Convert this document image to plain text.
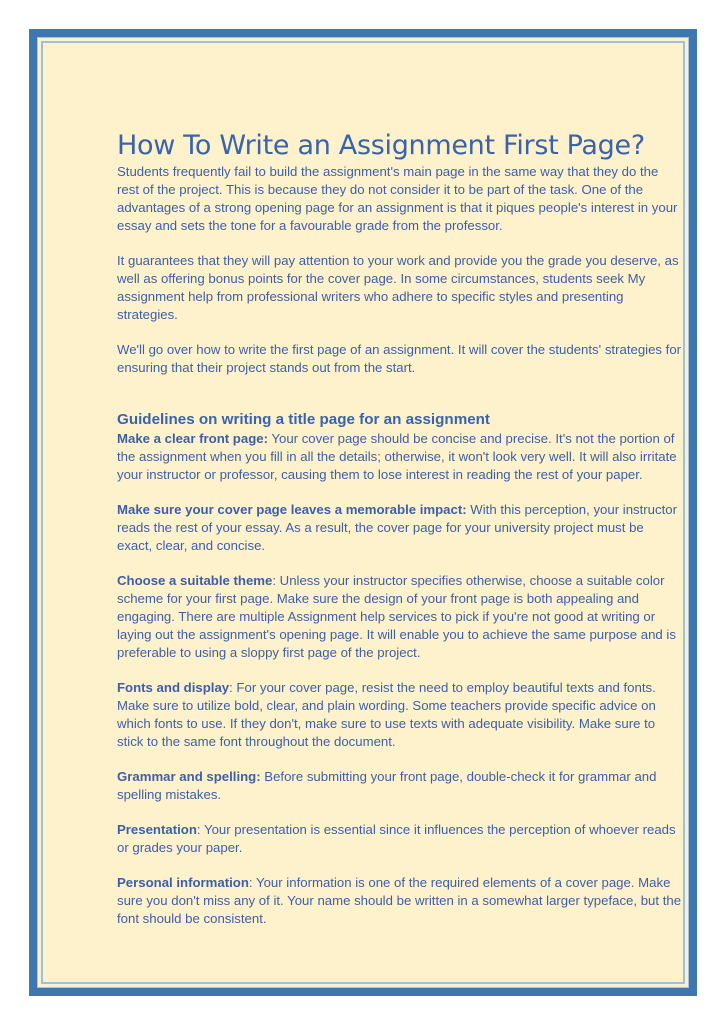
How To Write an Assignment First Page?

Students frequently fail to build the assignment's main page in the same way that they do the rest of the project. This is because they do not consider it to be part of the task. One of the advantages of a strong opening page for an assignment is that it piques people's interest in your essay and sets the tone for a favourable grade from the professor.

It guarantees that they will pay attention to your work and provide you the grade you deserve, as well as offering bonus points for the cover page. In some circumstances, students seek My assignment help from professional writers who adhere to specific styles and presenting strategies.

We'll go over how to write the first page of an assignment. It will cover the students' strategies for ensuring that their project stands out from the start.

Guidelines on writing a title page for an assignment

Make a clear front page: Your cover page should be concise and precise. It's not the portion of the assignment when you fill in all the details; otherwise, it won't look very well. It will also irritate your instructor or professor, causing them to lose interest in reading the rest of your paper.

Make sure your cover page leaves a memorable impact: With this perception, your instructor reads the rest of your essay. As a result, the cover page for your university project must be exact, clear, and concise.

Choose a suitable theme: Unless your instructor specifies otherwise, choose a suitable color scheme for your first page. Make sure the design of your front page is both appealing and engaging. There are multiple Assignment help services to pick if you're not good at writing or laying out the assignment's opening page. It will enable you to achieve the same purpose and is preferable to using a sloppy first page of the project.

Fonts and display: For your cover page, resist the need to employ beautiful texts and fonts. Make sure to utilize bold, clear, and plain wording. Some teachers provide specific advice on which fonts to use. If they don't, make sure to use texts with adequate visibility. Make sure to stick to the same font throughout the document.

Grammar and spelling: Before submitting your front page, double-check it for grammar and spelling mistakes.

Presentation: Your presentation is essential since it influences the perception of whoever reads or grades your paper.

Personal information: Your information is one of the required elements of a cover page. Make sure you don't miss any of it. Your name should be written in a somewhat larger typeface, but the font should be consistent.
